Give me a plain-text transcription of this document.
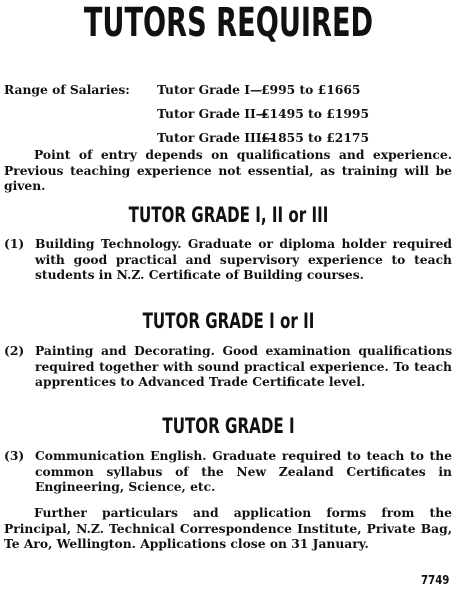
TUTORS REQUIRED
Range of Salaries: Tutor Grade I—
£995 to £1665
Tutor Grade II—
£1495 to £1995
Tutor Grade III—
£1855 to £2175
Point of entry depends on qualifications and experience. Previous teaching experience not essential, as training will be given.
TUTOR GRADE I, II or III
(1) Building Technology. Graduate or diploma holder required with good practical and supervisory experience to teach students in N.Z. Certificate of Building courses.
TUTOR GRADE I or II
(2) Painting and Decorating. Good examination qualifications required together with sound practical experience. To teach apprentices to Advanced Trade Certificate level.
TUTOR GRADE I
(3) Communication English. Graduate required to teach to the common syllabus of the New Zealand Certificates in Engineering, Science, etc.
Further particulars and application forms from the Principal, N.Z. Technical Correspondence Institute, Private Bag, Te Aro, Wellington. Applications close on 31 January.
7749
